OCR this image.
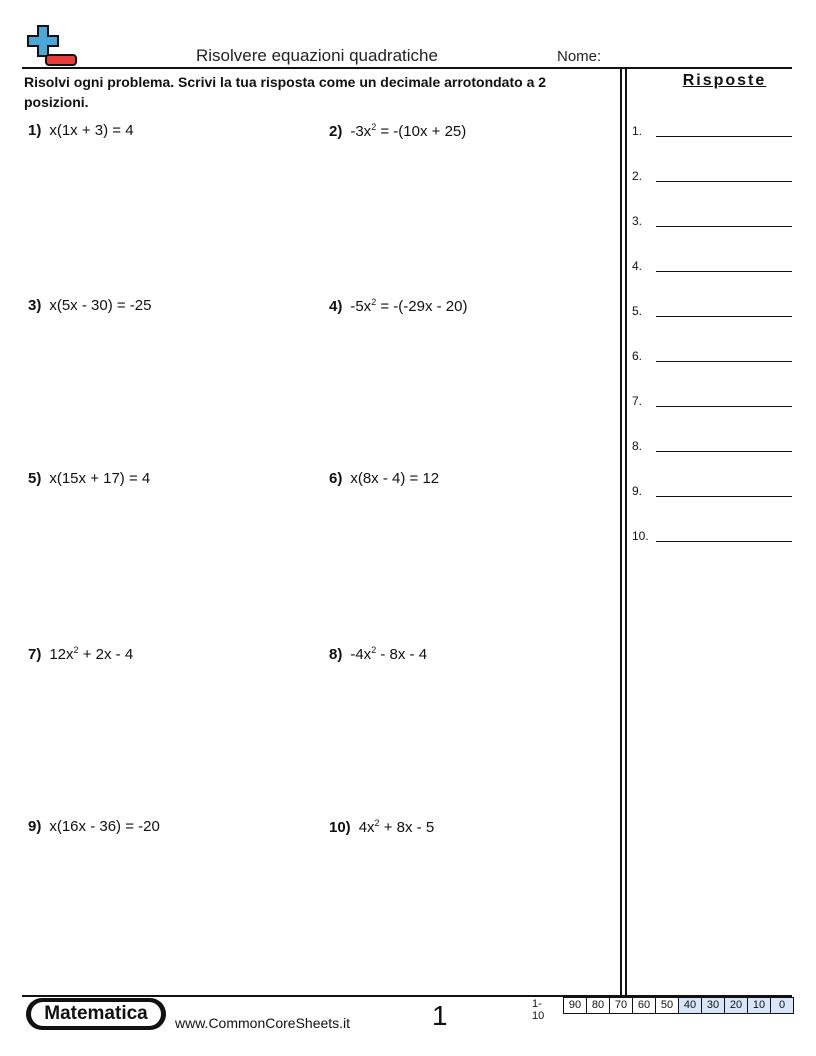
Risolvere equazioni quadratiche	Nome:
Risolvi ogni problema. Scrivi la tua risposta come un decimale arrotondato a 2 posizioni.
Risposte
1) x(1x + 3) = 4	2) $-3x^2 = -(10x + 25)$
3) x(5x - 30) = -25	4) $-5x^2 = -(-29x - 20)$
5) x(15x + 17) = 4	6) x(8x - 4) = 12
7) $12x^2 + 2x - 4$	8) $-4x^2 - 8x - 4$
9) x(16x - 36) = -20	10) $4x^2 + 8x - 5$
1.
2.
3.
4.
5.
6.
7.
8.
9.
10.
Matematica	www.CommonCoreSheets.it	1	1-10
90 80 70 60 50 40 30 20 10	0
